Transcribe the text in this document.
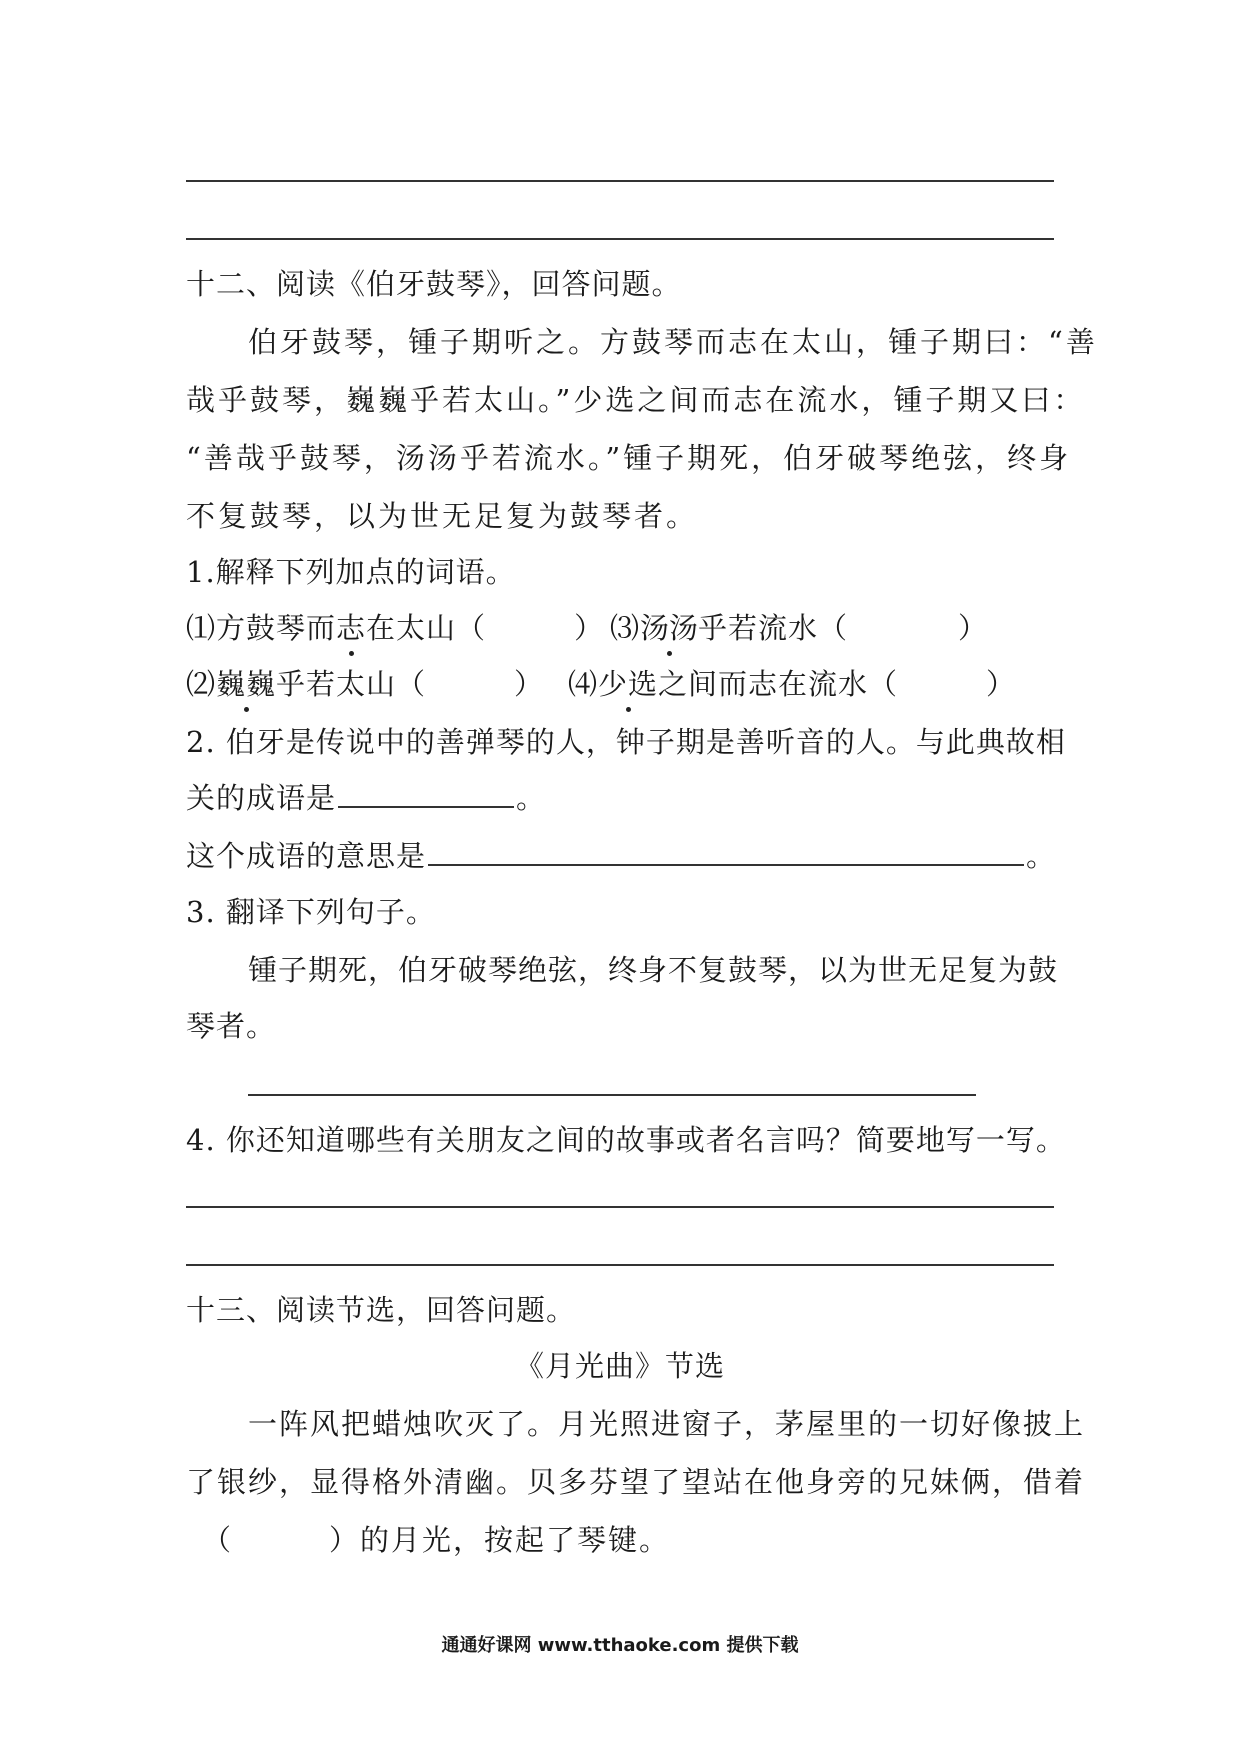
十二、阅读《伯牙鼓琴》，回答问题。
伯牙鼓琴，锺子期听之。方鼓琴而志在太山，锺子期曰：“善
哉乎鼓琴，巍巍乎若太山。”少选之间而志在流水，锺子期又曰：
“善哉乎鼓琴，汤汤乎若流水。”锺子期死，伯牙破琴绝弦，终身
不复鼓琴，以为世无足复为鼓琴者。
1.解释下列加点的词语。
⑴方鼓琴而志在太山（	） ⑶汤汤乎若流水（	）
⑵巍巍乎若太山（	） ⑷少选之间而志在流水（	）
2. 伯牙是传说中的善弹琴的人，钟子期是善听音的人。与此典故相
关的成语是	。
这个成语的意思是	。
3. 翻译下列句子。
锺子期死，伯牙破琴绝弦，终身不复鼓琴，以为世无足复为鼓
琴者。
4. 你还知道哪些有关朋友之间的故事或者名言吗？简要地写一写。
十三、阅读节选，回答问题。
《月光曲》节选
一阵风把蜡烛吹灭了。月光照进窗子，茅屋里的一切好像披上
了银纱，显得格外清幽。贝多芬望了望站在他身旁的兄妹俩，借着
（	）的月光，按起了琴键。
通通好课网 www.tthaoke.com 提供下载
